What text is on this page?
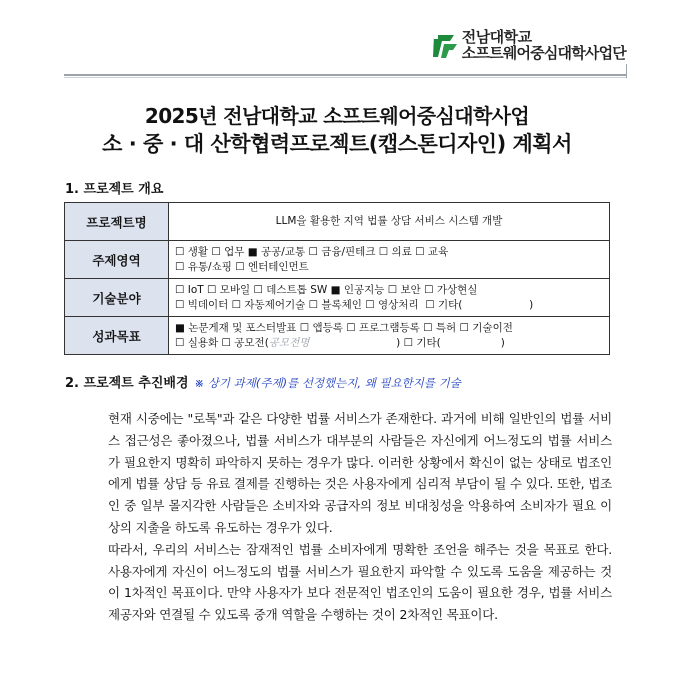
전남대학교
소프트웨어중심대학사업단
2025년 전남대학교 소프트웨어중심대학사업
소 · 중 · 대 산학협력프로젝트(캡스톤디자인) 계획서
1. 프로젝트 개요
프로젝트명	LLM을 활용한 지역 법률 상담 서비스 시스템 개발
주제영역	☐ 생활 ☐ 업무 ■ 공공/교통 ☐ 금융/핀테크 ☐ 의료 ☐ 교육
☐ 유통/쇼핑 ☐ 엔터테인먼트

기술분야	☐ IoT ☐ 모바일 ☐ 데스트톱 SW ■ 인공지능 ☐ 보안 ☐ 가상현실
☐ 빅데이터 ☐ 자동제어기술 ☐ 블록체인 ☐ 영상처리  ☐ 기타(                    )

성과목표	■ 논문게재 및 포스터발표 ☐ 앱등록 ☐ 프로그램등록 ☐ 특허 ☐ 기술이전
☐ 실용화 ☐ 공모전(공모전명                          ) ☐ 기타(                  )
2. 프로젝트 추진배경 ※ 상기 과제(주제)를 선정했는지, 왜 필요한지를 기술

현재 시중에는 "로톡"과 같은 다양한 법률 서비스가 존재한다. 과거에 비해 일반인의 법률 서비스 접근성은 좋아졌으나, 법률 서비스가 대부분의 사람들은 자신에게 어느정도의 법률 서비스가 필요한지 명확히 파악하지 못하는 경우가 많다. 이러한 상황에서 확신이 없는 상태로 법조인에게 법률 상담 등 유료 결제를 진행하는 것은 사용자에게 심리적 부담이 될 수 있다. 또한, 법조인 중 일부 몰지각한 사람들은 소비자와 공급자의 정보 비대칭성을 악용하여 소비자가 필요 이상의 지출을 하도록 유도하는 경우가 있다.

따라서, 우리의 서비스는 잠재적인 법률 소비자에게 명확한 조언을 해주는 것을 목표로 한다. 사용자에게 자신이 어느정도의 법률 서비스가 필요한지 파악할 수 있도록 도움을 제공하는 것이 1차적인 목표이다. 만약 사용자가 보다 전문적인 법조인의 도움이 필요한 경우, 법률 서비스 제공자와 연결될 수 있도록 중개 역할을 수행하는 것이 2차적인 목표이다.
